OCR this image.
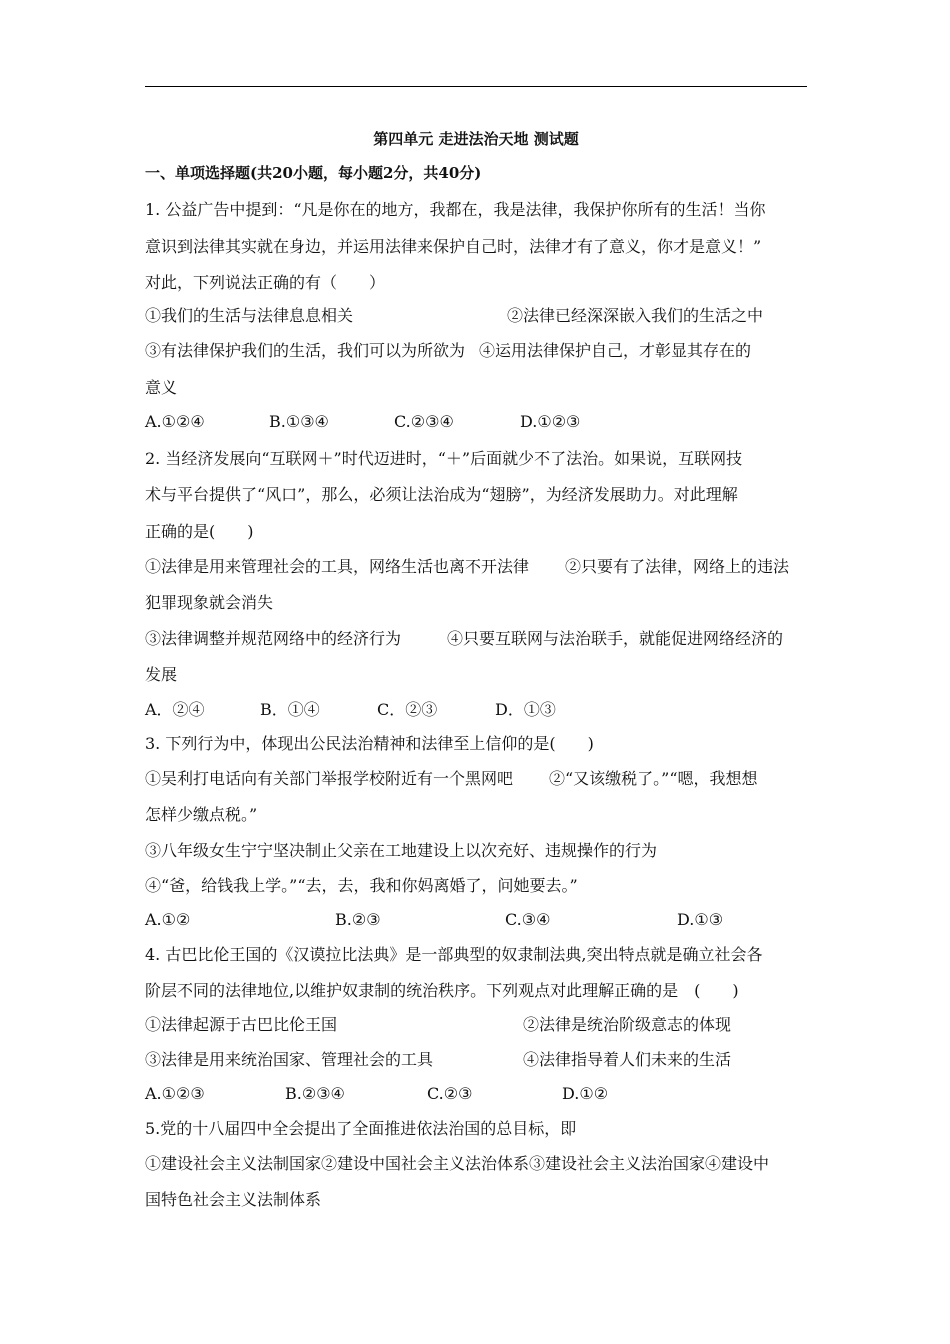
第四单元 走进法治天地 测试题
一、单项选择题(共20小题，每小题2分，共40分)
1. 公益广告中提到：“凡是你在的地方，我都在，我是法律，我保护你所有的生活！当你
意识到法律其实就在身边，并运用法律来保护自己时，法律才有了意义，你才是意义！”
对此，下列说法正确的有（　　）
①我们的生活与法律息息相关	②法律已经深深嵌入我们的生活之中
③有法律保护我们的生活，我们可以为所欲为 ④运用法律保护自己，才彰显其存在的
意义
A.①②④	B.①③④	C.②③④	D.①②③
2. 当经济发展向“互联网＋”时代迈进时，“＋”后面就少不了法治。如果说，互联网技
术与平台提供了“风口”，那么，必须让法治成为“翅膀”，为经济发展助力。对此理解
正确的是(　　)
①法律是用来管理社会的工具，网络生活也离不开法律 ②只要有了法律，网络上的违法
犯罪现象就会消失
③法律调整并规范网络中的经济行为	④只要互联网与法治联手，就能促进网络经济的
发展
A．②④	B．①④	C．②③	D．①③
3. 下列行为中，体现出公民法治精神和法律至上信仰的是(　　)
①吴利打电话向有关部门举报学校附近有一个黑网吧 ②“又该缴税了。”“嗯，我想想
怎样少缴点税。”
③八年级女生宁宁坚决制止父亲在工地建设上以次充好、违规操作的行为
④“爸，给钱我上学。”“去，去，我和你妈离婚了，问她要去。”
A.①②	B.②③	C.③④	D.①③
4. 古巴比伦王国的《汉谟拉比法典》是一部典型的奴隶制法典,突出特点就是确立社会各
阶层不同的法律地位,以维护奴隶制的统治秩序。下列观点对此理解正确的是　(　　)
①法律起源于古巴比伦王国	②法律是统治阶级意志的体现
③法律是用来统治国家、管理社会的工具	④法律指导着人们未来的生活
A.①②③	B.②③④	C.②③	D.①②
5.党的十八届四中全会提出了全面推进依法治国的总目标，即
①建设社会主义法制国家②建设中国社会主义法治体系③建设社会主义法治国家④建设中
国特色社会主义法制体系
